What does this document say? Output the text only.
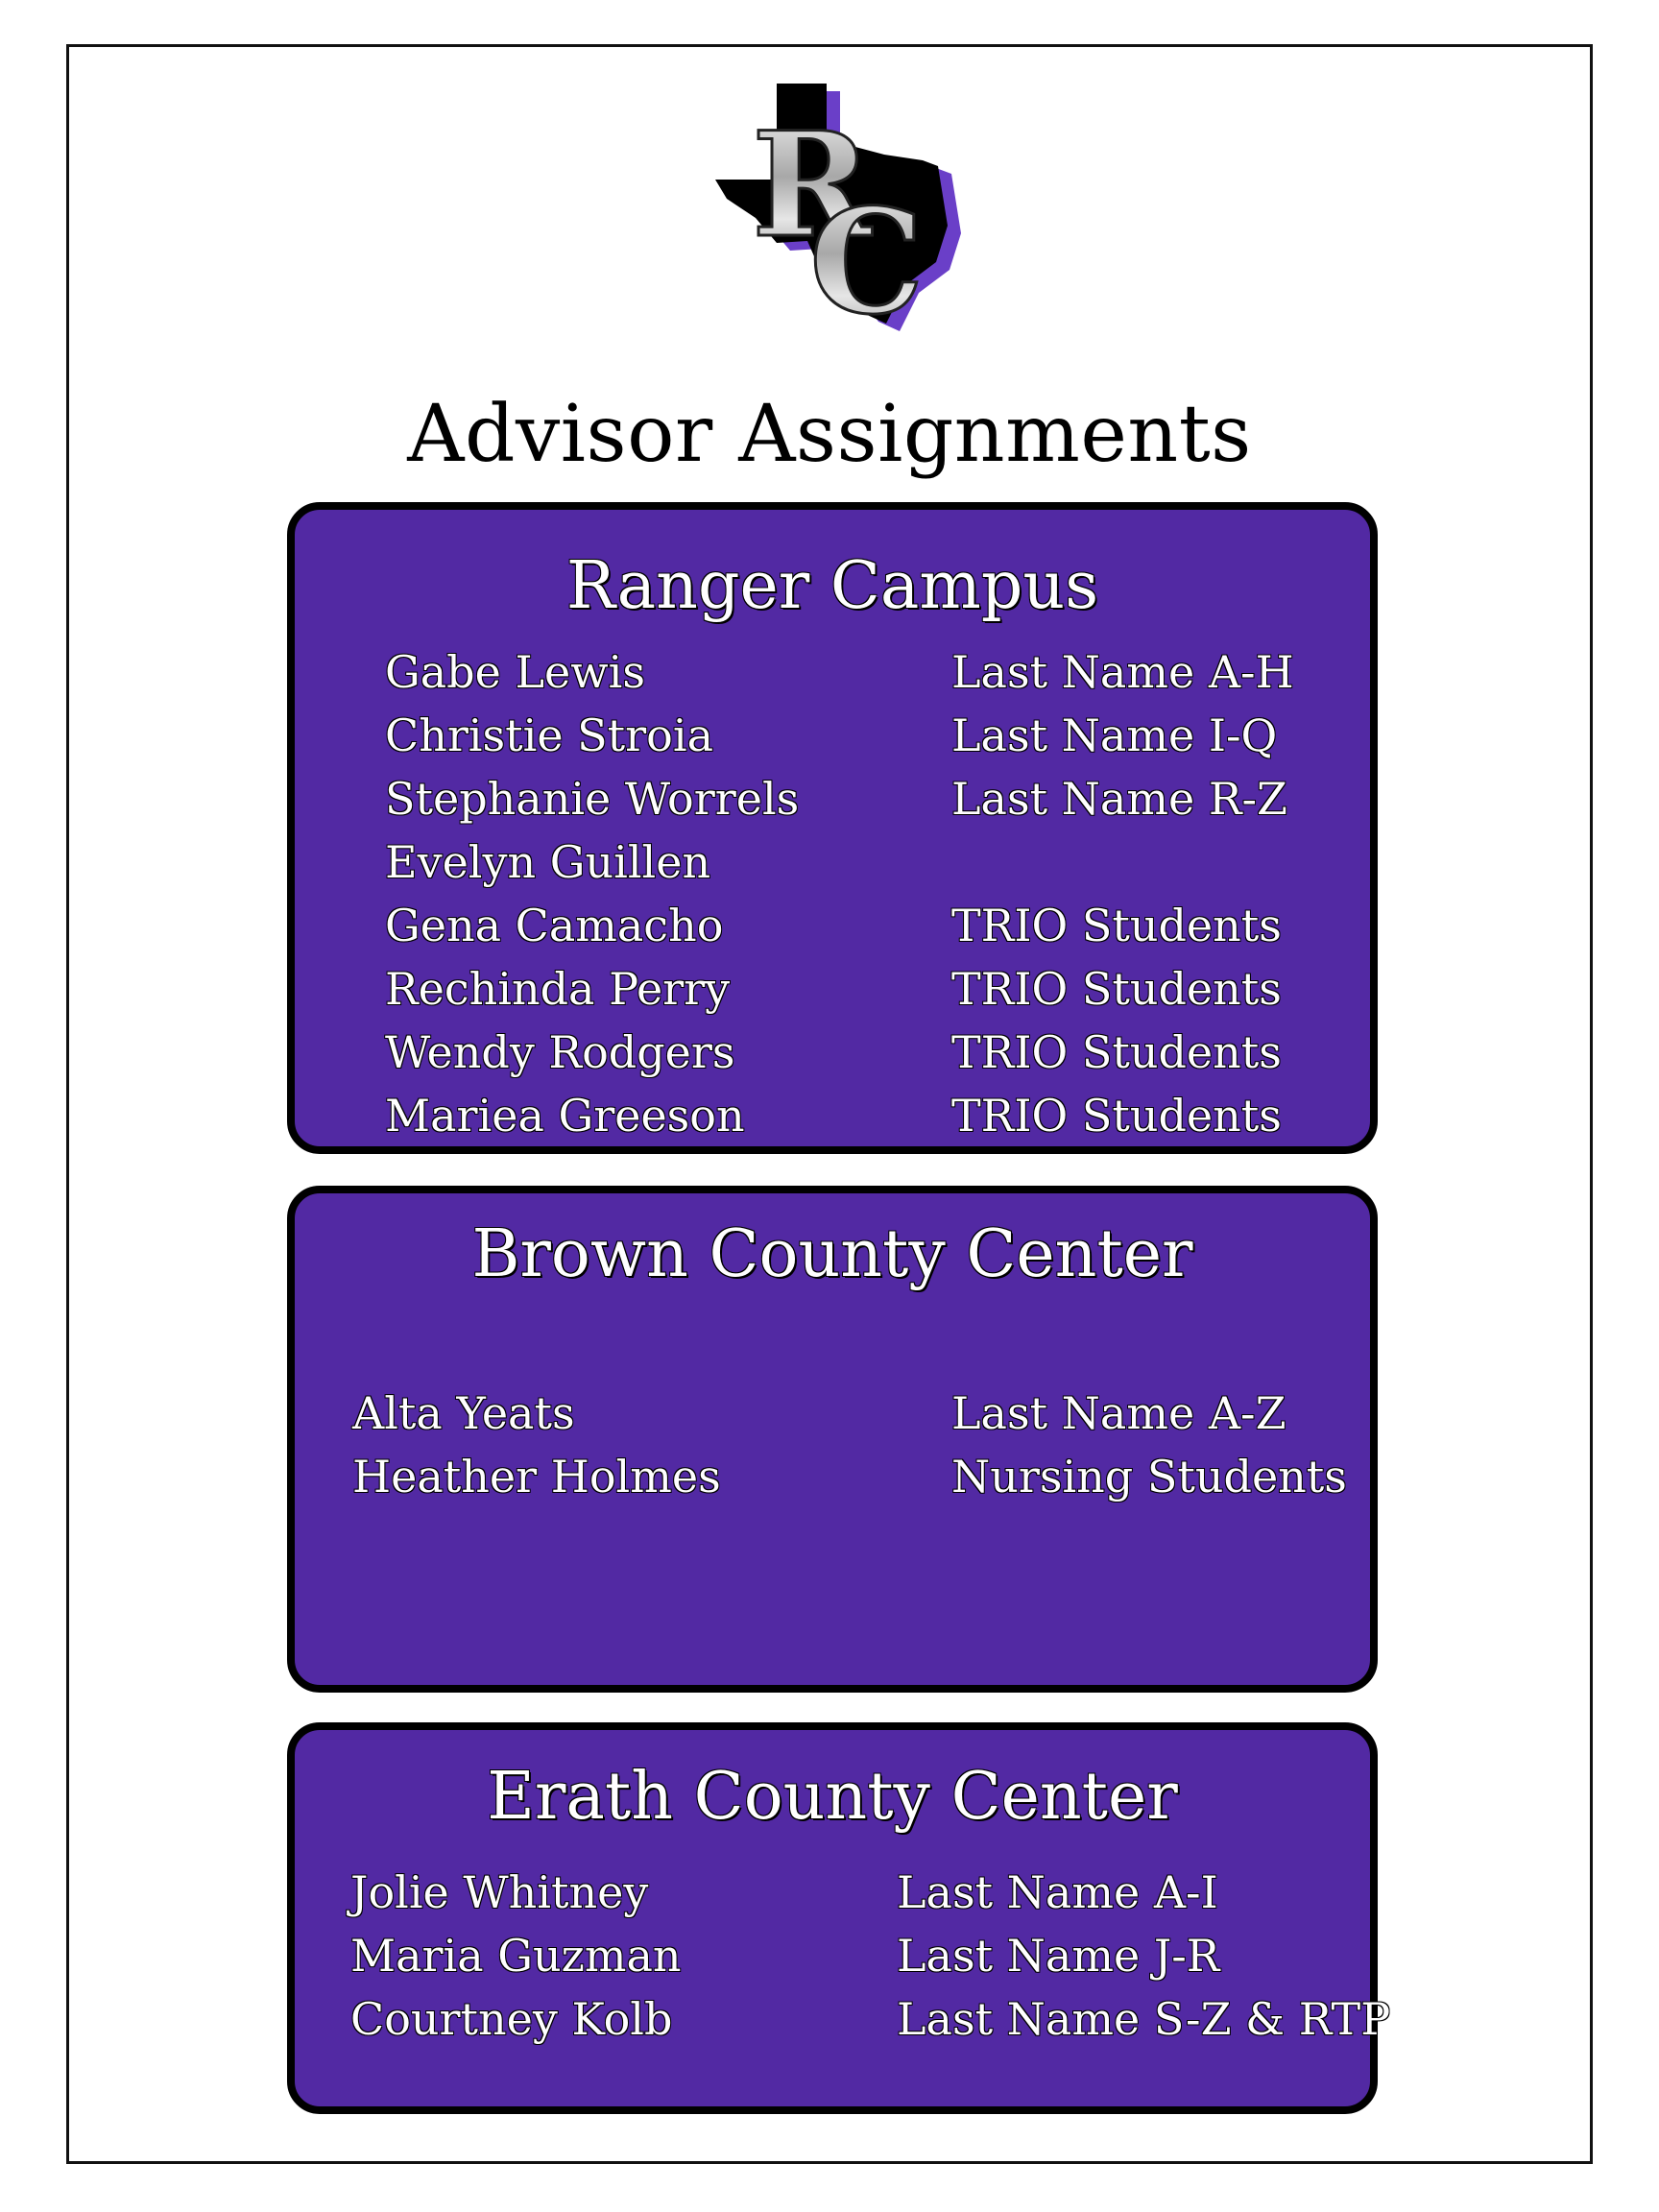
R
C
Advisor Assignments
Ranger Campus
Gabe Lewis	Last Name A-H
Christie Stroia	Last Name I-Q
Stephanie Worrels	Last Name R-Z
Evelyn Guillen
Gena Camacho	TRIO Students
Rechinda Perry	TRIO Students
Wendy Rodgers	TRIO Students
Mariea Greeson	TRIO Students
Brown County Center
Alta Yeats	Last Name A-Z
Heather Holmes	Nursing Students
Erath County Center
Jolie Whitney	Last Name A-I
Maria Guzman	Last Name J-R
Courtney Kolb	Last Name S-Z & RTP
